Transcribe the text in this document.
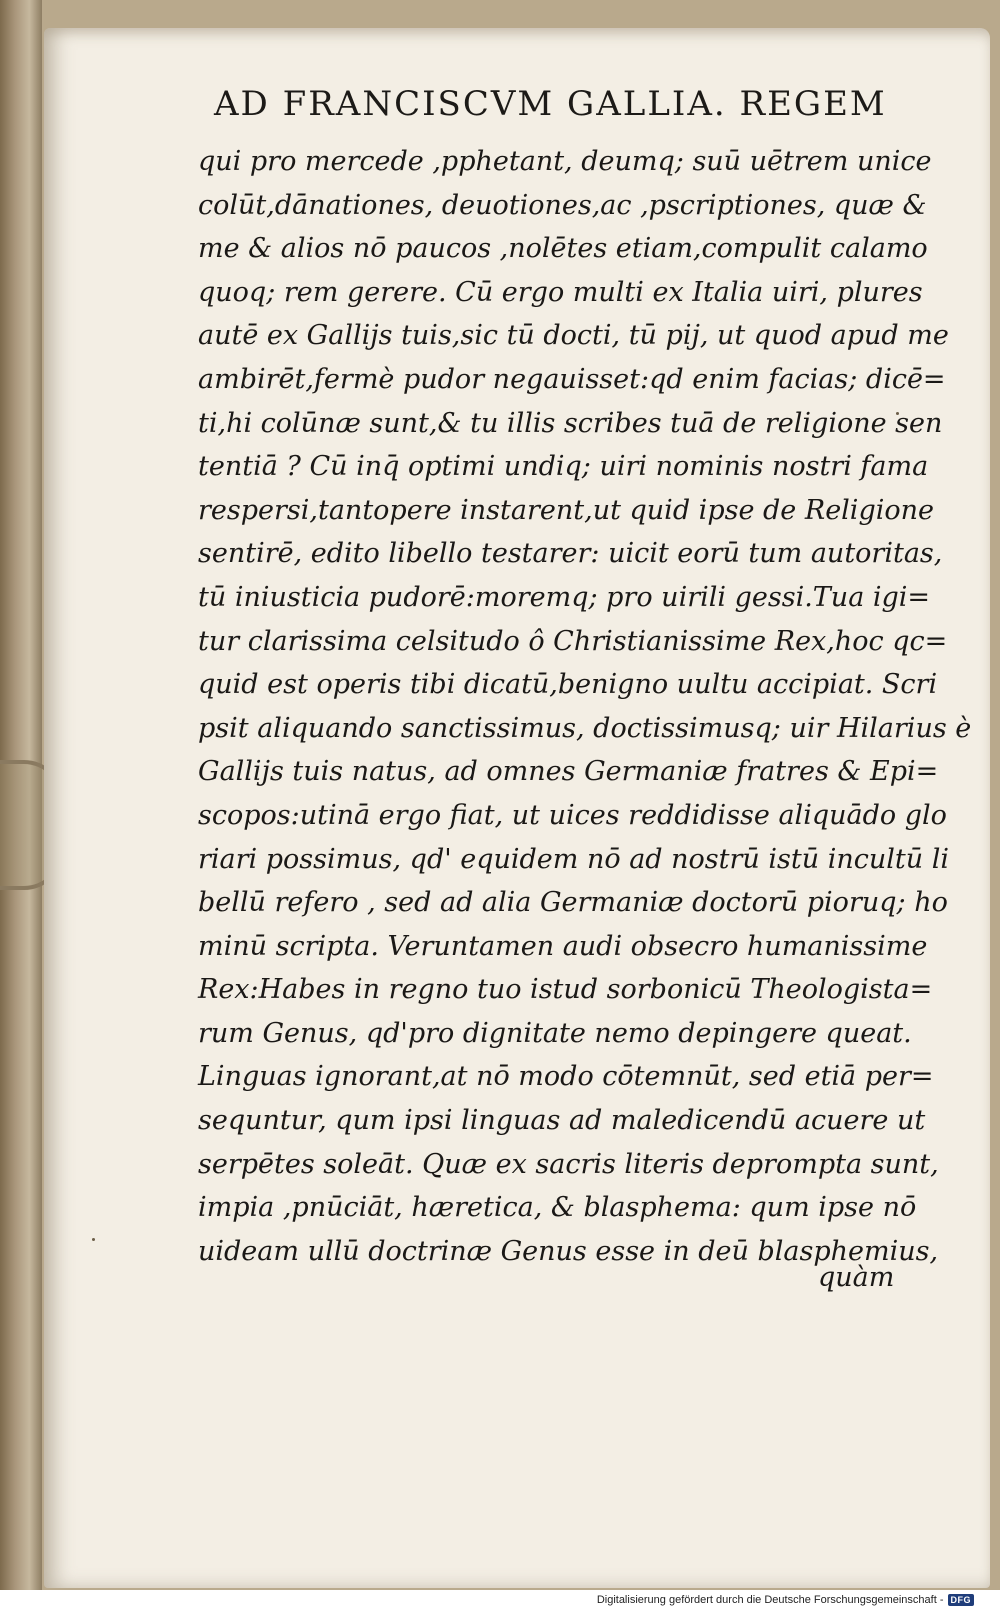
AD FRANCISCVM GALLIA. REGEM
qui pro mercede ,pphetant, deumq; suū uētrem unice
colūt,dānationes, deuotiones,ac ,pscriptiones, quæ &
me & alios nō paucos ,nolētes etiam,compulit calamo
quoq; rem gerere. Cū ergo multi ex Italia uiri, plures
autē ex Gallijs tuis,sic tū docti, tū pij, ut quod apud me
ambirēt,fermè pudor negauisset:qd enim facias; dicē=
ti,hi colūnæ sunt,& tu illis scribes tuā de religione sen
tentiā ? Cū inq̄ optimi undiq; uiri nominis nostri fama
respersi,tantopere instarent,ut quid ipse de Religione
sentirē, edito libello testarer: uicit eorū tum autoritas,
tū iniusticia pudorē:moremq; pro uirili gessi.Tua igi=
tur clarissima celsitudo ô Christianissime Rex,hoc qc=
quid est operis tibi dicatū,benigno uultu accipiat. Scri
psit aliquando sanctissimus, doctissimusq; uir Hilarius è
Gallijs tuis natus, ad omnes Germaniæ fratres & Epi=
scopos:utinā ergo fiat, ut uices reddidisse aliquādo glo
riari possimus, qd' equidem nō ad nostrū istū incultū li
bellū refero , sed ad alia Germaniæ doctorū pioruq; ho
minū scripta. Veruntamen audi obsecro humanissime
Rex:Habes in regno tuo istud sorbonicū Theologista=
rum Genus, qd'pro dignitate nemo depingere queat.
Linguas ignorant,at nō modo cōtemnūt, sed etiā per=
sequntur, qum ipsi linguas ad maledicendū acuere ut
serpētes soleāt. Quæ ex sacris literis deprompta sunt,
impia ,pnūciāt, hæretica, & blasphema: qum ipse nō
uideam ullū doctrinæ Genus esse in deū blasphemius,
quàm
Digitalisierung gefördert durch die Deutsche Forschungsgemeinschaft - DFG
